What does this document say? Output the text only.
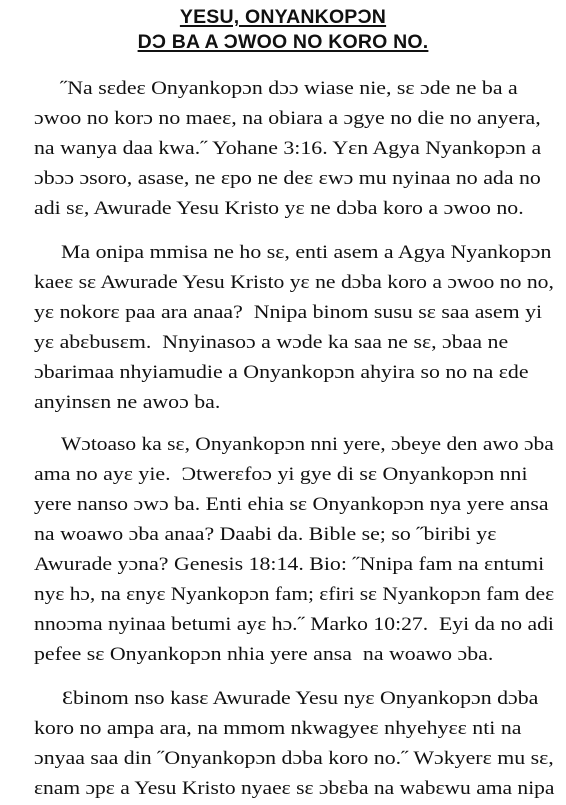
YESU, ONYANKOPƆN
DƆ BA A ƆWOO NO KORO NO.
˝Na sɛdeɛ Onyankopɔn dɔɔ wiase nie, sɛ ɔde ne ba a
ɔwoo no korɔ no maeɛ, na obiara a ɔgye no die no anyera,
na wanya daa kwa.˝ Yohane 3:16. Yɛn Agya Nyankopɔn a
ɔbɔɔ ɔsoro, asase, ne ɛpo ne deɛ ɛwɔ mu nyinaa no ada no
adi sɛ, Awurade Yesu Kristo yɛ ne dɔba koro a ɔwoo no.
Ma onipa mmisa ne ho sɛ, enti asem a Agya Nyankopɔn
kaeɛ sɛ Awurade Yesu Kristo yɛ ne dɔba koro a ɔwoo no no,
yɛ nokorɛ paa ara anaa?  Nnipa binom susu sɛ saa asem yi
yɛ abɛbusɛm.  Nnyinasoɔ a wɔde ka saa ne sɛ, ɔbaa ne
ɔbarimaa nhyiamudie a Onyankopɔn ahyira so no na ɛde
anyinsɛn ne awoɔ ba.
Wɔtoaso ka sɛ, Onyankopɔn nni yere, ɔbeye den awo ɔba
ama no ayɛ yie.  Ɔtwerɛfoɔ yi gye di sɛ Onyankopɔn nni
yere nanso ɔwɔ ba. Enti ehia sɛ Onyankopɔn nya yere ansa
na woawo ɔba anaa? Daabi da. Bible se; so ˝biribi yɛ
Awurade yɔna? Genesis 18:14. Bio: ˝Nnipa fam na ɛntumi
nyɛ hɔ, na ɛnyɛ Nyankopɔn fam; ɛfiri sɛ Nyankopɔn fam deɛ
nnoɔma nyinaa betumi ayɛ hɔ.˝ Marko 10:27.  Eyi da no adi
pefee sɛ Onyankopɔn nhia yere ansa  na woawo ɔba.
Ɛbinom nso kasɛ Awurade Yesu nyɛ Onyankopɔn dɔba
koro no ampa ara, na mmom nkwagyeɛ nhyehyɛɛ nti na
ɔnyaa saa din ˝Onyankopɔn dɔba koro no.˝ Wɔkyerɛ mu sɛ,
ɛnam ɔpɛ a Yesu Kristo nyaeɛ sɛ ɔbɛba na wabɛwu ama nipa
